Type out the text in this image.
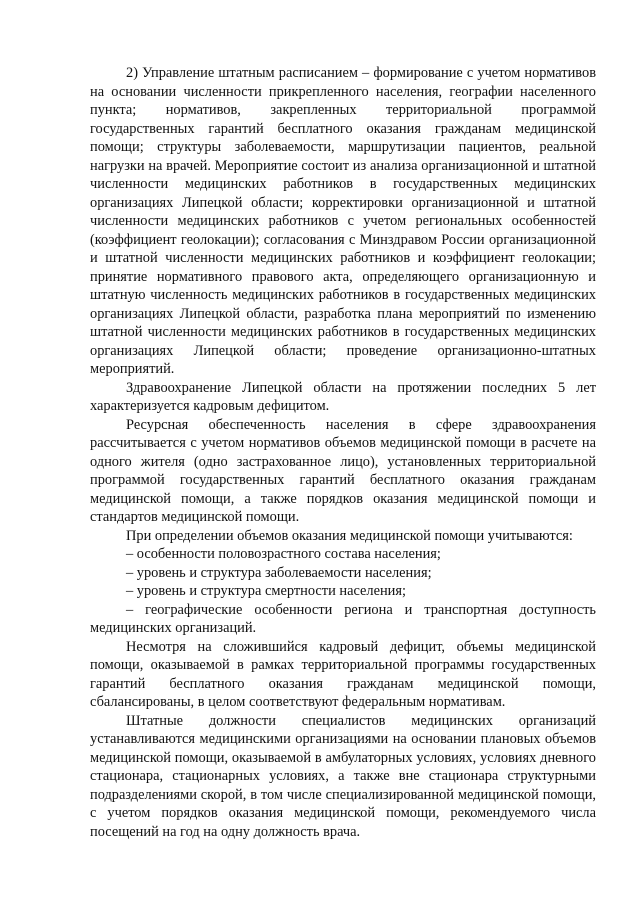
2) Управление штатным расписанием – формирование с учетом нормативов на основании численности прикрепленного населения, географии населенного пункта; нормативов, закрепленных территориальной программой государственных гарантий бесплатного оказания гражданам медицинской помощи; структуры заболеваемости, маршрутизации пациентов, реальной нагрузки на врачей. Мероприятие состоит из анализа организационной и штатной численности медицинских работников в государственных медицинских организациях Липецкой области; корректировки организационной и штатной численности медицинских работников с учетом региональных особенностей (коэффициент геолокации); согласования с Минздравом России организационной и штатной численности медицинских работников и коэффициент геолокации; принятие нормативного правового акта, определяющего организационную и штатную численность медицинских работников в государственных медицинских организациях Липецкой области, разработка плана мероприятий по изменению штатной численности медицинских работников в государственных медицинских организациях Липецкой области; проведение организационно-штатных мероприятий.

Здравоохранение Липецкой области на протяжении последних 5 лет характеризуется кадровым дефицитом.

Ресурсная обеспеченность населения в сфере здравоохранения рассчитывается с учетом нормативов объемов медицинской помощи в расчете на одного жителя (одно застрахованное лицо), установленных территориальной программой государственных гарантий бесплатного оказания гражданам медицинской помощи, а также порядков оказания медицинской помощи и стандартов медицинской помощи.

При определении объемов оказания медицинской помощи учитываются:

– особенности половозрастного состава населения;

– уровень и структура заболеваемости населения;

– уровень и структура смертности населения;

– географические особенности региона и транспортная доступность медицинских организаций.

Несмотря на сложившийся кадровый дефицит, объемы медицинской помощи, оказываемой в рамках территориальной программы государственных гарантий бесплатного оказания гражданам медицинской помощи, сбалансированы, в целом соответствуют федеральным нормативам.

Штатные должности специалистов медицинских организаций устанавливаются медицинскими организациями на основании плановых объемов медицинской помощи, оказываемой в амбулаторных условиях, условиях дневного стационара, стационарных условиях, а также вне стационара структурными подразделениями скорой, в том числе специализированной медицинской помощи, с учетом порядков оказания медицинской помощи, рекомендуемого числа посещений на год на одну должность врача.
